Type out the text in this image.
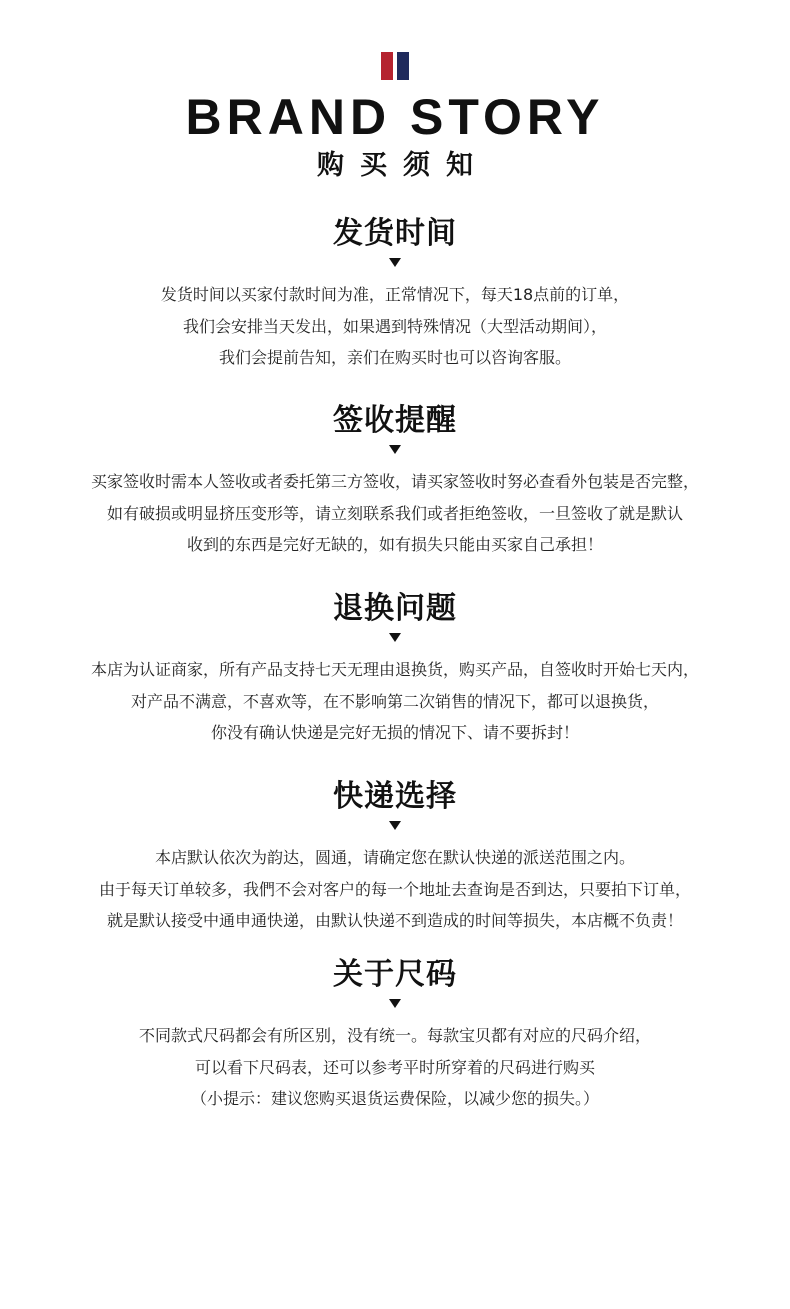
BRAND STORY
购买须知
发货时间
发货时间以买家付款时间为准，正常情况下，每天18点前的订单，
我们会安排当天发出，如果遇到特殊情况（大型活动期间），
我们会提前告知，亲们在购买时也可以咨询客服。
签收提醒
买家签收时需本人签收或者委托第三方签收，请买家签收时努必查看外包装是否完整，
如有破损或明显挤压变形等，请立刻联系我们或者拒绝签收，一旦签收了就是默认
收到的东西是完好无缺的，如有损失只能由买家自己承担！
退换问题
本店为认证商家，所有产品支持七天无理由退换货，购买产品，自签收时开始七天内，
对产品不满意，不喜欢等，在不影响第二次销售的情况下，都可以退换货，
你没有确认快递是完好无损的情况下、请不要拆封！
快递选择
本店默认依次为韵达，圆通，请确定您在默认快递的派送范围之内。
由于每天订单较多，我們不会对客户的每一个地址去查询是否到达，只要拍下订单，
就是默认接受中通申通快递，由默认快递不到造成的时间等损失，本店概不负责！
关于尺码
不同款式尺码都会有所区别，没有统一。每款宝贝都有对应的尺码介绍，
可以看下尺码表，还可以参考平时所穿着的尺码进行购买
（小提示：建议您购买退货运费保险，以减少您的损失。）
